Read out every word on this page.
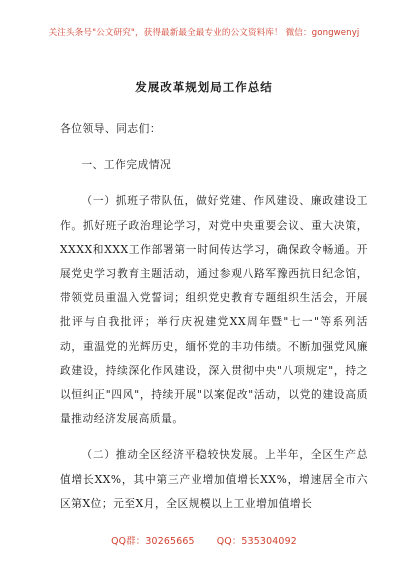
关注头条号"公文研究"，获得最新最全最专业的公文资料库！ 微信：gongwenyj
发展改革规划局工作总结

各位领导、同志们：

一、工作完成情况

（一）抓班子带队伍，做好党建、作风建设、廉政建设工作。抓好班子政治理论学习，对党中央重要会议、重大决策，XXXX和XXX工作部署第一时间传达学习，确保政令畅通。开展党史学习教育主题活动，通过参观八路军豫西抗日纪念馆，带领党员重温入党誓词；组织党史教育专题组织生活会，开展批评与自我批评；举行庆祝建党XX周年暨"七一"等系列活动，重温党的光辉历史，缅怀党的丰功伟绩。不断加强党风廉政建设，持续深化作风建设，深入贯彻中央"八项规定"，持之以恒纠正"四风"，持续开展"以案促改"活动，以党的建设高质量推动经济发展高质量。

（二）推动全区经济平稳较快发展。上半年，全区生产总值增长XX%，其中第三产业增加值增长XX%，增速居全市六区第X位；元至X月，全区规模以上工业增加值增长

QQ群：30265665 QQ：535304092
